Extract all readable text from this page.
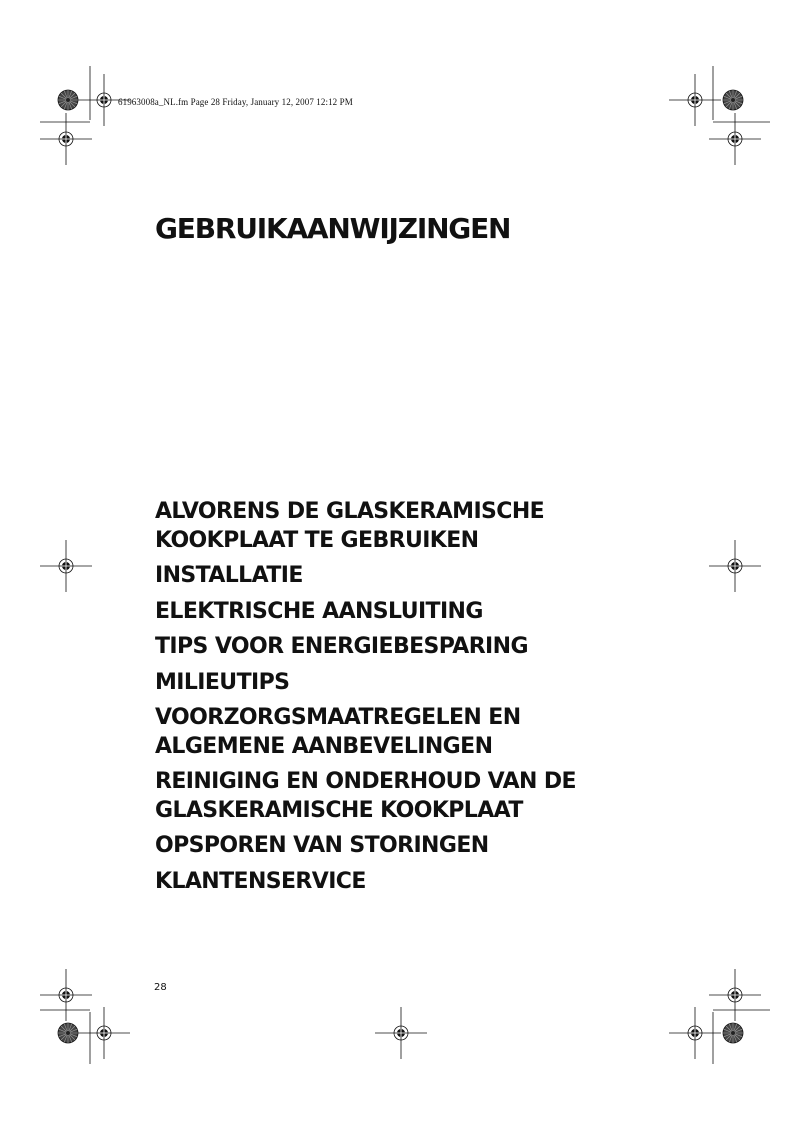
61963008a_NL.fm Page 28 Friday, January 12, 2007 12:12 PM
GEBRUIKAANWIJZINGEN
ALVORENS DE GLASKERAMISCHE
KOOKPLAAT TE GEBRUIKEN
INSTALLATIE
ELEKTRISCHE AANSLUITING
TIPS VOOR ENERGIEBESPARING
MILIEUTIPS
VOORZORGSMAATREGELEN EN
ALGEMENE AANBEVELINGEN
REINIGING EN ONDERHOUD VAN DE
GLASKERAMISCHE KOOKPLAAT
OPSPOREN VAN STORINGEN
KLANTENSERVICE
28
